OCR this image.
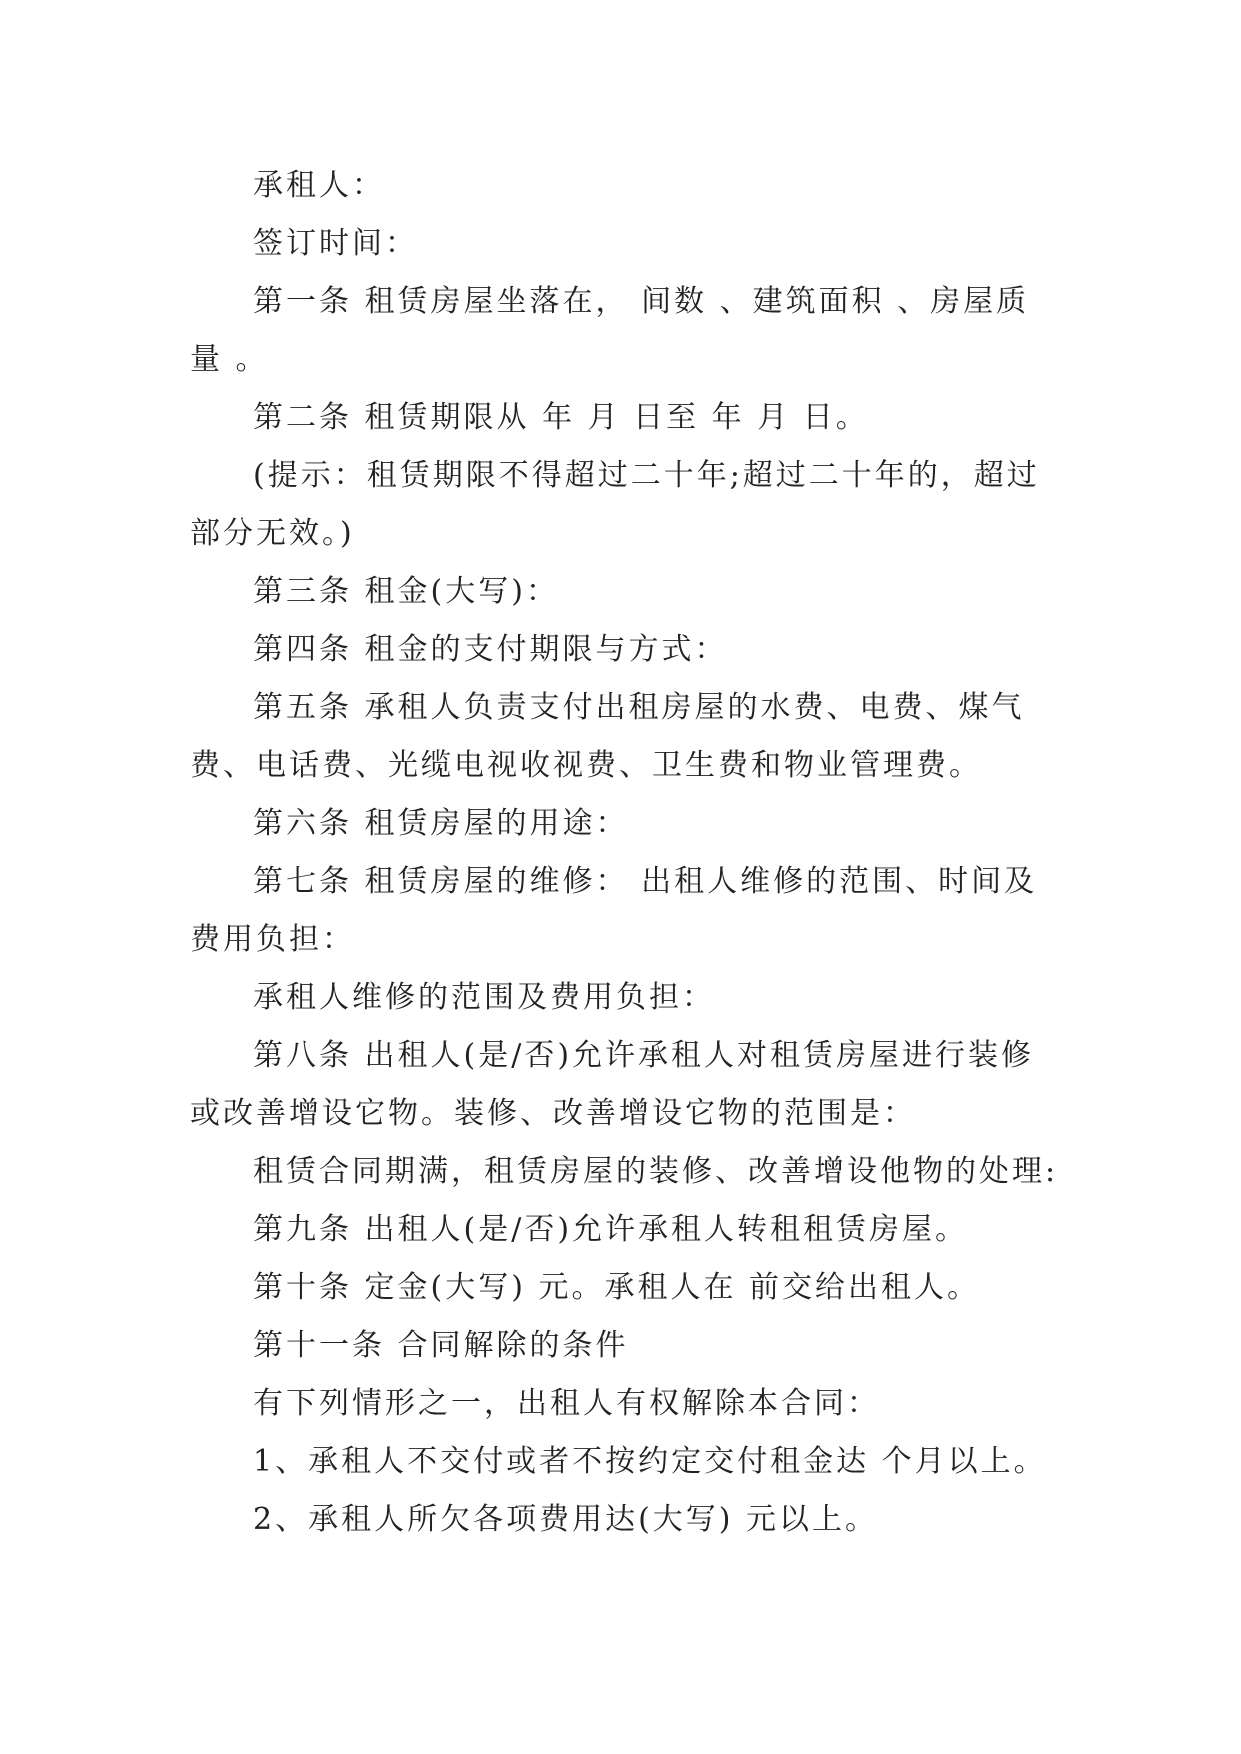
承租人：

签订时间：

第一条 租赁房屋坐落在， 间数 、建筑面积 、房屋质量 。

第二条 租赁期限从 年 月 日至 年 月 日。

(提示：租赁期限不得超过二十年;超过二十年的，超过部分无效。)

第三条 租金(大写)：

第四条 租金的支付期限与方式：

第五条 承租人负责支付出租房屋的水费、电费、煤气费、电话费、光缆电视收视费、卫生费和物业管理费。

第六条 租赁房屋的用途：

第七条 租赁房屋的维修： 出租人维修的范围、时间及费用负担：

承租人维修的范围及费用负担：

第八条 出租人(是/否)允许承租人对租赁房屋进行装修或改善增设它物。装修、改善增设它物的范围是：

租赁合同期满，租赁房屋的装修、改善增设他物的处理:

第九条 出租人(是/否)允许承租人转租租赁房屋。

第十条 定金(大写) 元。承租人在 前交给出租人。

第十一条 合同解除的条件

有下列情形之一，出租人有权解除本合同：

1、承租人不交付或者不按约定交付租金达 个月以上。

2、承租人所欠各项费用达(大写) 元以上。
